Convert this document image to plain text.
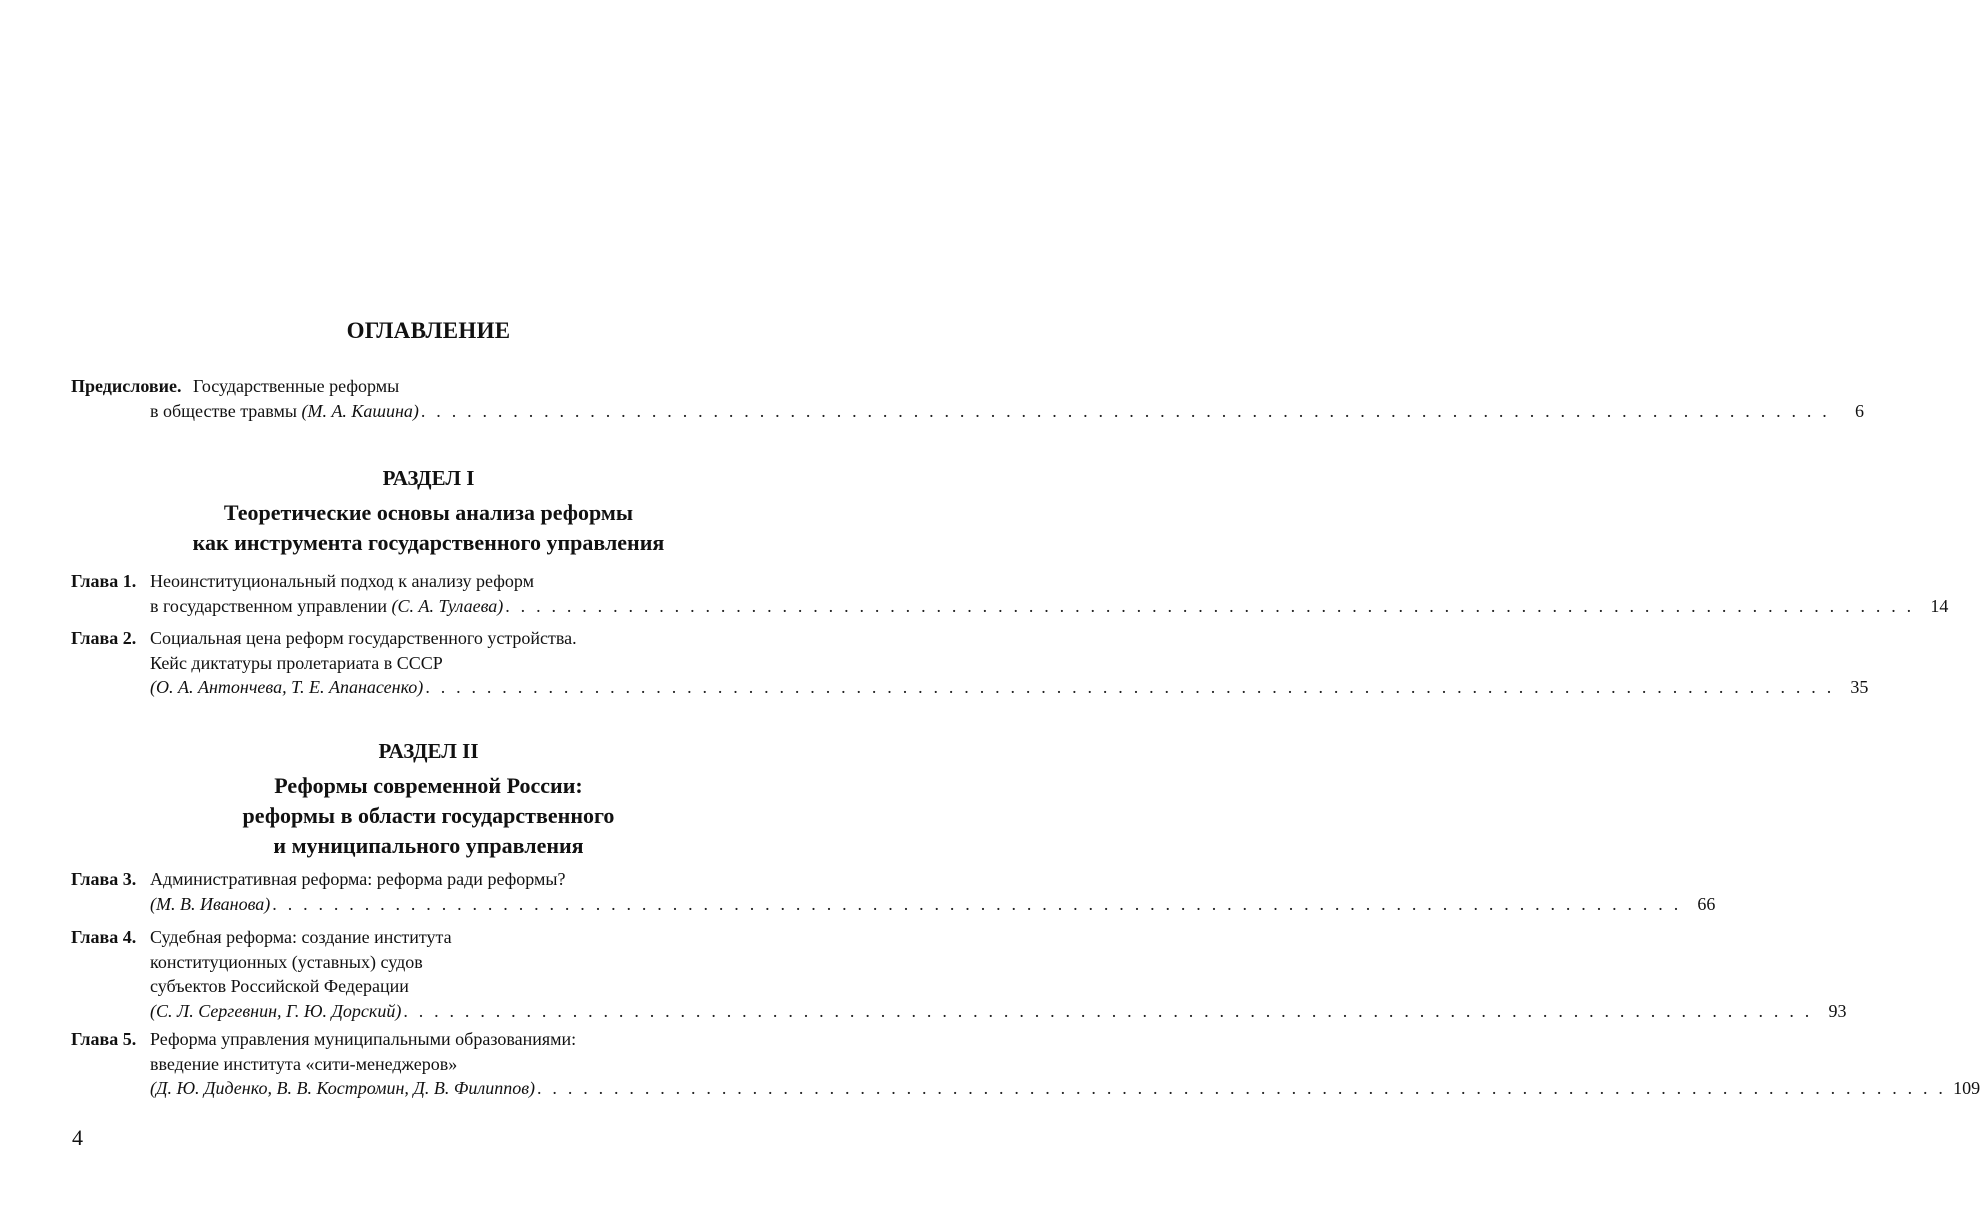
ОГЛАВЛЕНИЕ
Предисловие. Государственные реформы
в обществе травмы (М. А. Кашина) . . . . . . . . . . . . . . . . . . . . . . . . . . . . . . . . . . . . . . . . . . . . . . . . . . . . . . . . . . . . . . . . . . . . . . . . . . . . . . . . . . . . . . . . . . . .	6
РАЗДЕЛ I
Теоретические основы анализа реформы
как инструмента государственного управления
Глава 1. Неоинституциональный подход к анализу реформ
в государственном управлении (С. А. Тулаева) . . . . . . . . . . . . . . . . . . . . . . . . . . . . . . . . . . . . . . . . . . . . . . . . . . . . . . . . . . . . . . . . . . . . . . . . . . . . . . . . . . . . . . . . . . . . 14
Глава 2. Социальная цена реформ государственного устройства.
Кейс диктатуры пролетариата в СССР
(О. А. Антончева, Т. Е. Апанасенко) . . . . . . . . . . . . . . . . . . . . . . . . . . . . . . . . . . . . . . . . . . . . . . . . . . . . . . . . . . . . . . . . . . . . . . . . . . . . . . . . . . . . . . . . . . . . 35
РАЗДЕЛ II
Реформы современной России:
реформы в области государственного
и муниципального управления
Глава 3. Административная реформа: реформа ради реформы?
(М. В. Иванова) . . . . . . . . . . . . . . . . . . . . . . . . . . . . . . . . . . . . . . . . . . . . . . . . . . . . . . . . . . . . . . . . . . . . . . . . . . . . . . . . . . . . . . . . . . . . 66
Глава 4. Судебная реформа: создание института
конституционных (уставных) судов
субъектов Российской Федерации
(С. Л. Сергевнин, Г. Ю. Дорский) . . . . . . . . . . . . . . . . . . . . . . . . . . . . . . . . . . . . . . . . . . . . . . . . . . . . . . . . . . . . . . . . . . . . . . . . . . . . . . . . . . . . . . . . . . . . 93
Глава 5. Реформа управления муниципальными образованиями:
введение института «сити-менеджеров»
(Д. Ю. Диденко, В. В. Костромин, Д. В. Филиппов) . . . . . . . . . . . . . . . . . . . . . . . . . . . . . . . . . . . . . . . . . . . . . . . . . . . . . . . . . . . . . . . . . . . . . . . . . . . . . . . . . . . . . . . . . . . . 109
4
